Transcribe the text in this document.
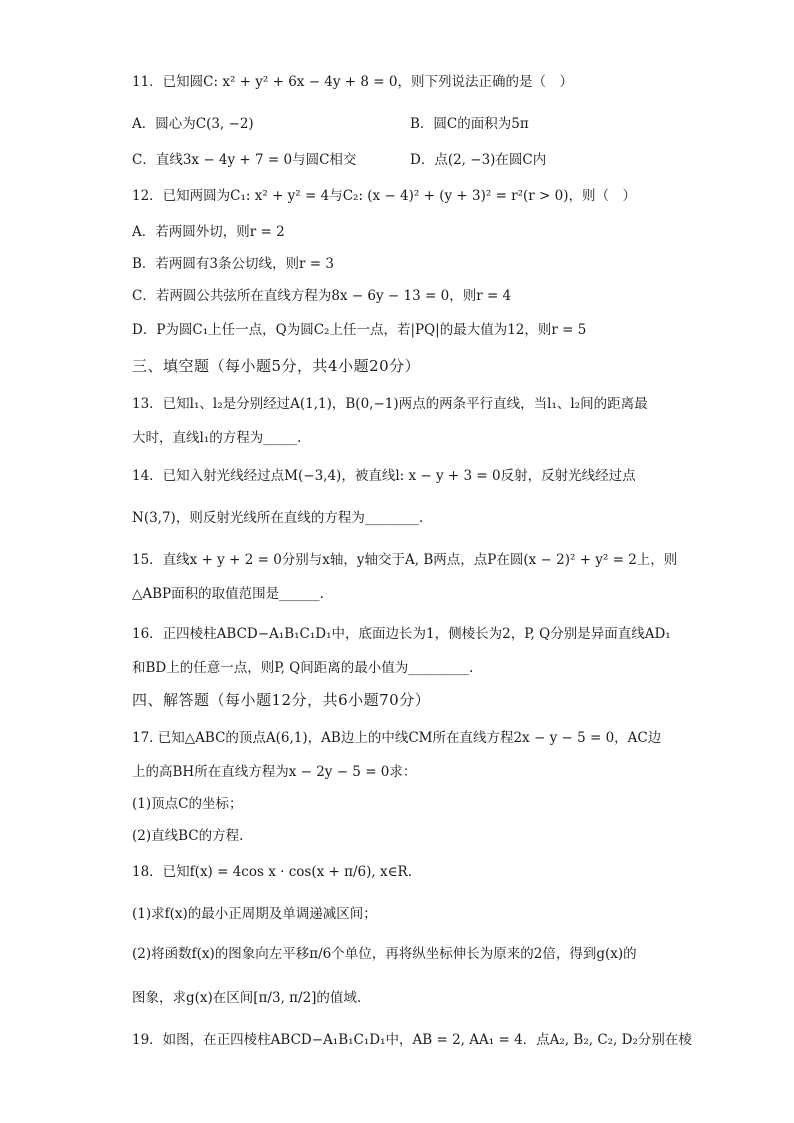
11．已知圆C: x² + y² + 6x − 4y + 8 = 0，则下列说法正确的是（　）
A．圆心为C(3, −2)	B．圆C的面积为5π
C．直线3x − 4y + 7 = 0与圆C相交	D．点(2, −3)在圆C内
12．已知两圆为C₁: x² + y² = 4与C₂: (x − 4)² + (y + 3)² = r²(r > 0)，则（　）
A．若两圆外切，则r = 2
B．若两圆有3条公切线，则r = 3
C．若两圆公共弦所在直线方程为8x − 6y − 13 = 0，则r = 4
D．P为圆C₁上任一点，Q为圆C₂上任一点，若|PQ|的最大值为12，则r = 5
三、填空题（每小题5分，共4小题20分）
13．已知l₁、l₂是分别经过A(1,1)，B(0,−1)两点的两条平行直线，当l₁、l₂间的距离最
大时，直线l₁的方程为_____.
14．已知入射光线经过点M(−3,4)，被直线l: x − y + 3 = 0反射，反射光线经过点
N(3,7)，则反射光线所在直线的方程为________.
15．直线x + y + 2 = 0分别与x轴，y轴交于A, B两点，点P在圆(x − 2)² + y² = 2上，则
△ABP面积的取值范围是______.
16．正四棱柱ABCD−A₁B₁C₁D₁中，底面边长为1，侧棱长为2，P, Q分别是异面直线AD₁
和BD上的任意一点，则P, Q间距离的最小值为_________.
四、解答题（每小题12分，共6小题70分）
17. 已知△ABC的顶点A(6,1)，AB边上的中线CM所在直线方程2x − y − 5 = 0，AC边
上的高BH所在直线方程为x − 2y − 5 = 0求：
(1)顶点C的坐标；
(2)直线BC的方程.
18．已知f(x) = 4cos x · cos(x + π/6), x∈R.
(1)求f(x)的最小正周期及单调递减区间；
(2)将函数f(x)的图象向左平移π/6个单位，再将纵坐标伸长为原来的2倍，得到g(x)的
图象，求g(x)在区间[π/3, π/2]的值域.
19．如图，在正四棱柱ABCD−A₁B₁C₁D₁中，AB = 2, AA₁ = 4．点A₂, B₂, C₂, D₂分别在棱
